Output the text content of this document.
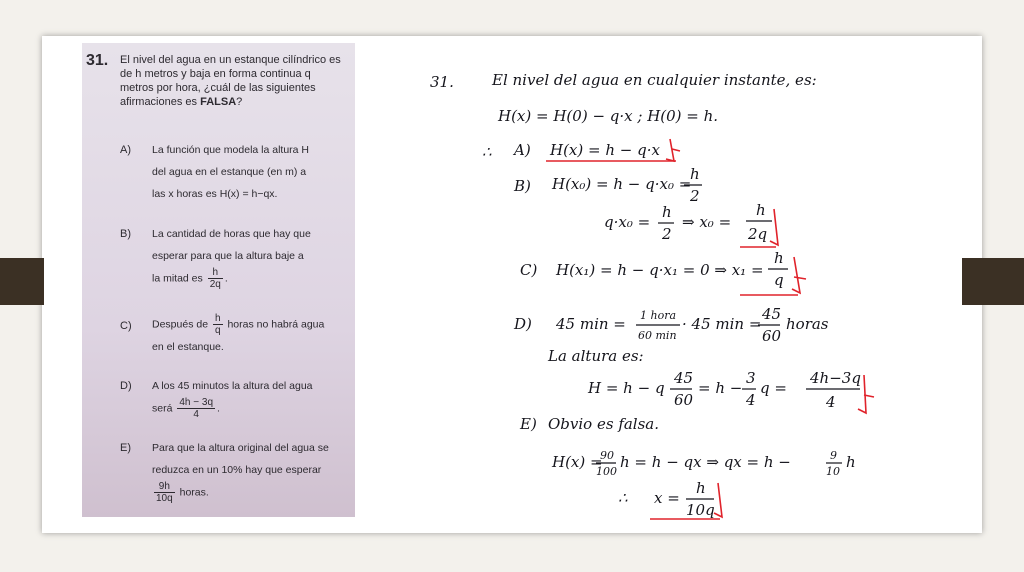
31. El nivel del agua en un estanque cilíndrico es de h metros y baja en forma continua q metros por hora, ¿cuál de las siguientes afirmaciones es FALSA?
A) La función que modela la altura H
del agua en el estanque (en m) a
las x horas es H(x) = h−qx.
B) La cantidad de horas que hay que
esperar para que la altura baje a
la mitad es $\frac{h}{2q}$ .
C) Después de $\frac{h}{q}$ horas no habrá agua
en el estanque.
D) A los 45 minutos la altura del agua
será $\frac{4h - 3q}{4}$ .
E) Para que la altura original del agua se
reduzca en un 10% hay que esperar
$\frac{9h}{10q}$ horas.
31.	El nivel del agua en cualquier instante, es:
H(x) = H(0) − q·x ; H(0) = h.
∴ A) H(x) = h − q·x
B) H(x₀) = h − q·x₀ =
h
2
q·x₀ =
h
2
⇒ x₀ =
h
2q
C) H(x₁) = h − q·x₁ = 0 ⇒ x₁ =
h
q
D) 45 min = 1 hora
60 min
· 45 min =
45
60
horas
La altura es:
H = h − q
45
60
= h −
3
4
q =
4h−3q
4
E) Obvio es falsa.
H(x) =
90
100
h = h − qx ⇒ qx = h −	9
10
h
∴ x =
h
10q
